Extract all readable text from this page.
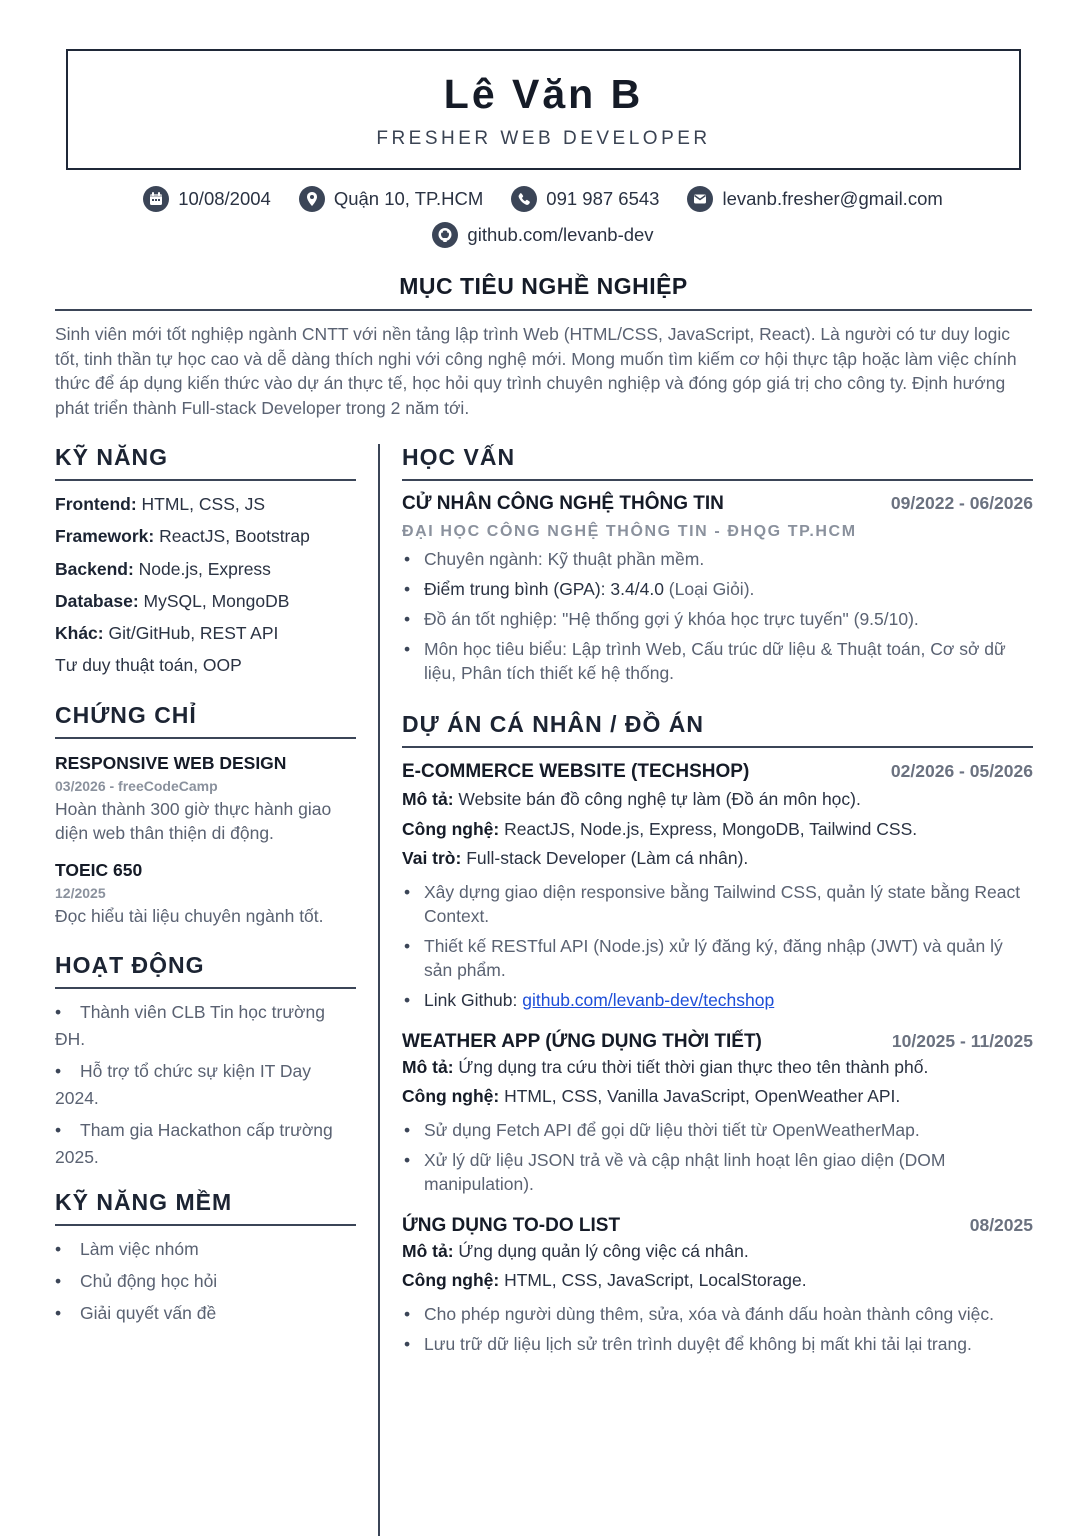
Lê Văn B
FRESHER WEB DEVELOPER
10/08/2004	Quận 10, TP.HCM	091 987 6543	levanb.fresher@gmail.com
github.com/levanb-dev
MỤC TIÊU NGHỀ NGHIỆP
Sinh viên mới tốt nghiệp ngành CNTT với nền tảng lập trình Web (HTML/CSS, JavaScript, React). Là người có tư duy logic tốt, tinh thần tự học cao và dễ dàng thích nghi với công nghệ mới. Mong muốn tìm kiếm cơ hội thực tập hoặc làm việc chính thức để áp dụng kiến thức vào dự án thực tế, học hỏi quy trình chuyên nghiệp và đóng góp giá trị cho công ty. Định hướng phát triển thành Full-stack Developer trong 2 năm tới.
KỸ NĂNG
Frontend: HTML, CSS, JS
Framework: ReactJS, Bootstrap
Backend: Node.js, Express
Database: MySQL, MongoDB
Khác: Git/GitHub, REST API
Tư duy thuật toán, OOP
CHỨNG CHỈ
RESPONSIVE WEB DESIGN
03/2026 - freeCodeCamp
Hoàn thành 300 giờ thực hành giao diện web thân thiện di động.
TOEIC 650
12/2025
Đọc hiểu tài liệu chuyên ngành tốt.
HOẠT ĐỘNG
• Thành viên CLB Tin học trường ĐH.
• Hỗ trợ tổ chức sự kiện IT Day 2024.
• Tham gia Hackathon cấp trường 2025.
KỸ NĂNG MỀM
• Làm việc nhóm
• Chủ động học hỏi
• Giải quyết vấn đề
HỌC VẤN
CỬ NHÂN CÔNG NGHỆ THÔNG TIN	09/2022 - 06/2026
ĐẠI HỌC CÔNG NGHỆ THÔNG TIN - ĐHQG TP.HCM
• Chuyên ngành: Kỹ thuật phần mềm.
• Điểm trung bình (GPA): 3.4/4.0 (Loại Giỏi).
• Đồ án tốt nghiệp: "Hệ thống gợi ý khóa học trực tuyến" (9.5/10).
• Môn học tiêu biểu: Lập trình Web, Cấu trúc dữ liệu & Thuật toán, Cơ sở dữ liệu, Phân tích thiết kế hệ thống.
DỰ ÁN CÁ NHÂN / ĐỒ ÁN
E-COMMERCE WEBSITE (TECHSHOP)	02/2026 - 05/2026
Mô tả: Website bán đồ công nghệ tự làm (Đồ án môn học).
Công nghệ: ReactJS, Node.js, Express, MongoDB, Tailwind CSS.
Vai trò: Full-stack Developer (Làm cá nhân).
• Xây dựng giao diện responsive bằng Tailwind CSS, quản lý state bằng React Context.
• Thiết kế RESTful API (Node.js) xử lý đăng ký, đăng nhập (JWT) và quản lý sản phẩm.
• Link Github: github.com/levanb-dev/techshop
WEATHER APP (ỨNG DỤNG THỜI TIẾT)	10/2025 - 11/2025
Mô tả: Ứng dụng tra cứu thời tiết thời gian thực theo tên thành phố.
Công nghệ: HTML, CSS, Vanilla JavaScript, OpenWeather API.
• Sử dụng Fetch API để gọi dữ liệu thời tiết từ OpenWeatherMap.
• Xử lý dữ liệu JSON trả về và cập nhật linh hoạt lên giao diện (DOM manipulation).
ỨNG DỤNG TO-DO LIST	08/2025
Mô tả: Ứng dụng quản lý công việc cá nhân.
Công nghệ: HTML, CSS, JavaScript, LocalStorage.
• Cho phép người dùng thêm, sửa, xóa và đánh dấu hoàn thành công việc.
• Lưu trữ dữ liệu lịch sử trên trình duyệt để không bị mất khi tải lại trang.
